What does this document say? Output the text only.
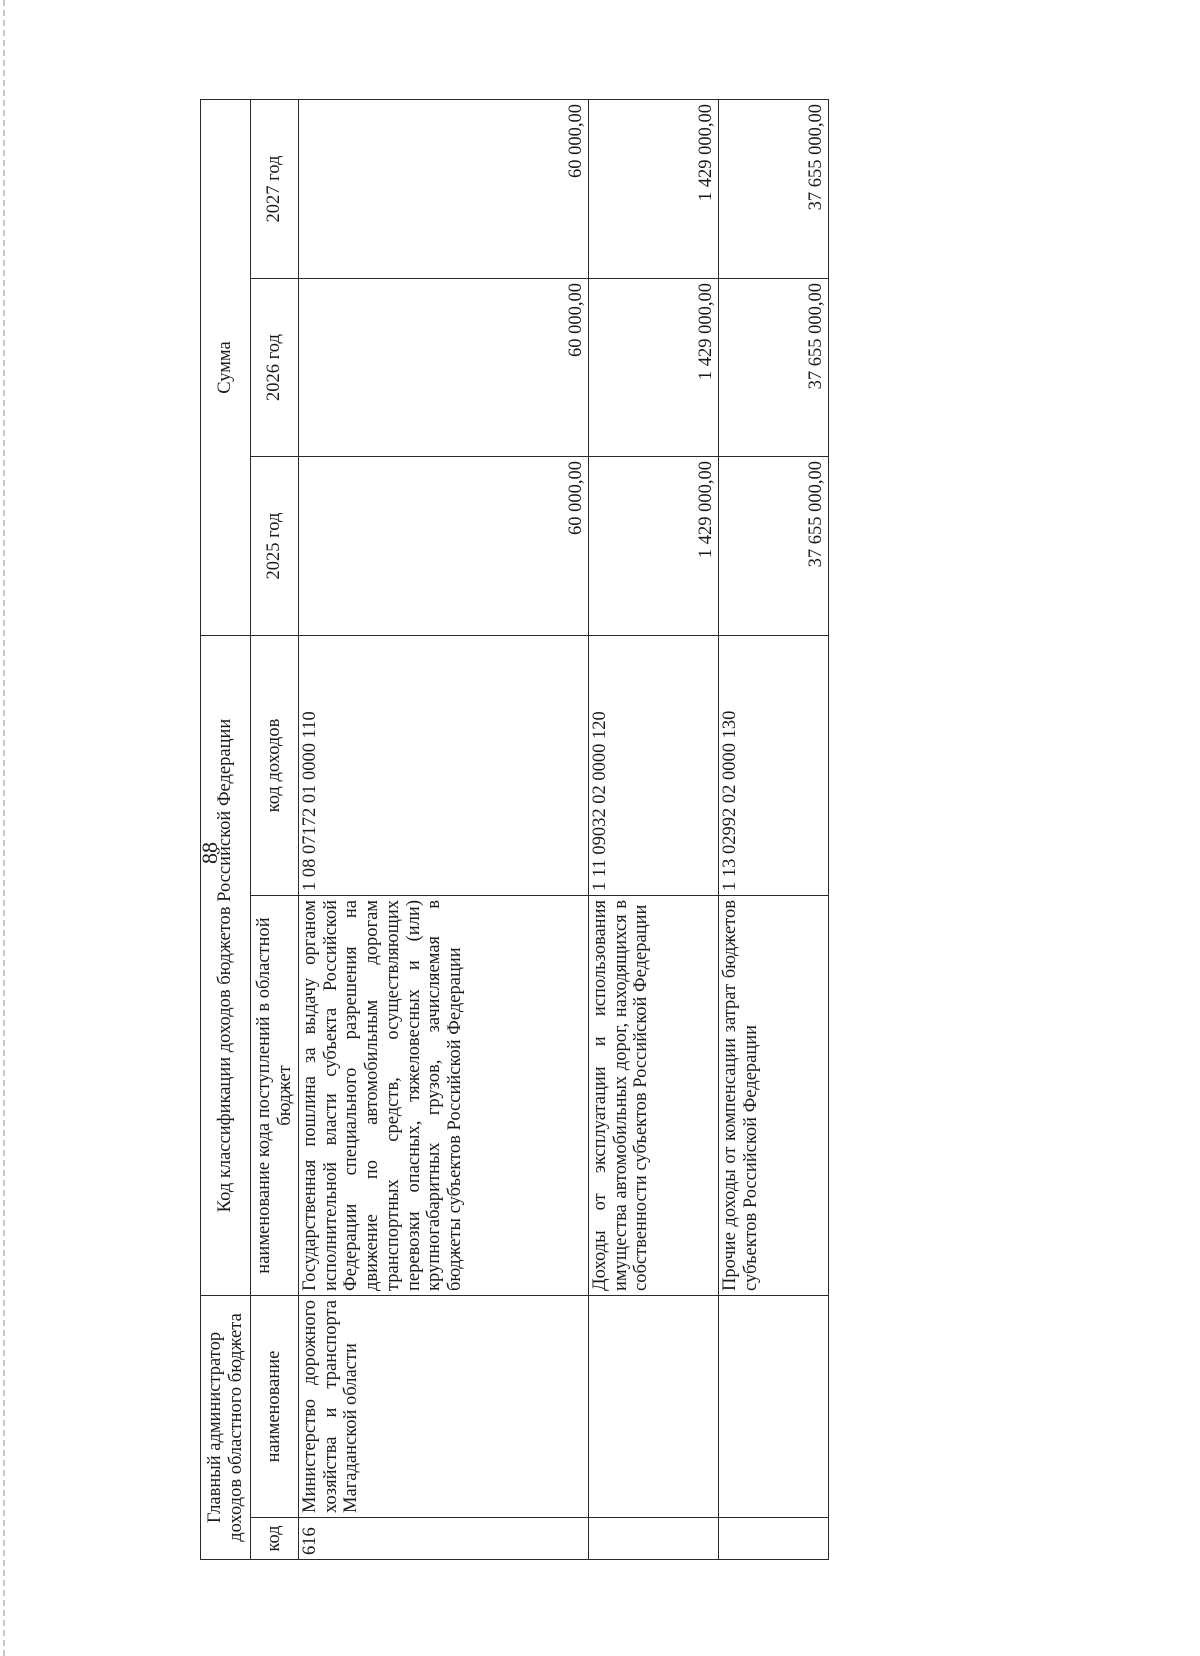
88
Главный администратор доходов областного бюджета		Код классификации доходов бюджетов Российской Федерации		Сумма		
код	наименование	наименование кода поступлений в областной бюджет	код доходов	2025 год	2026 год	2027 год
616	Министерство дорожного хозяйства и транспорта Магаданской области	Государственная пошлина за выдачу органом исполнительной власти субъекта Российской Федерации специального разрешения на движение по автомобильным дорогам транспортных средств, осуществляющих перевозки опасных, тяжеловесных и (или) крупногабаритных грузов, зачисляемая в бюджеты субъектов Российской Федерации	1 08 07172 01 0000 110	60 000,00	60 000,00	60 000,00
		Доходы от эксплуатации и использования имущества автомобильных дорог, находящихся в собственности субъектов Российской Федерации	1 11 09032 02 0000 120	1 429 000,00	1 429 000,00	1 429 000,00
		Прочие доходы от компенсации затрат бюджетов субъектов Российской Федерации	1 13 02992 02 0000 130	37 655 000,00	37 655 000,00	37 655 000,00
